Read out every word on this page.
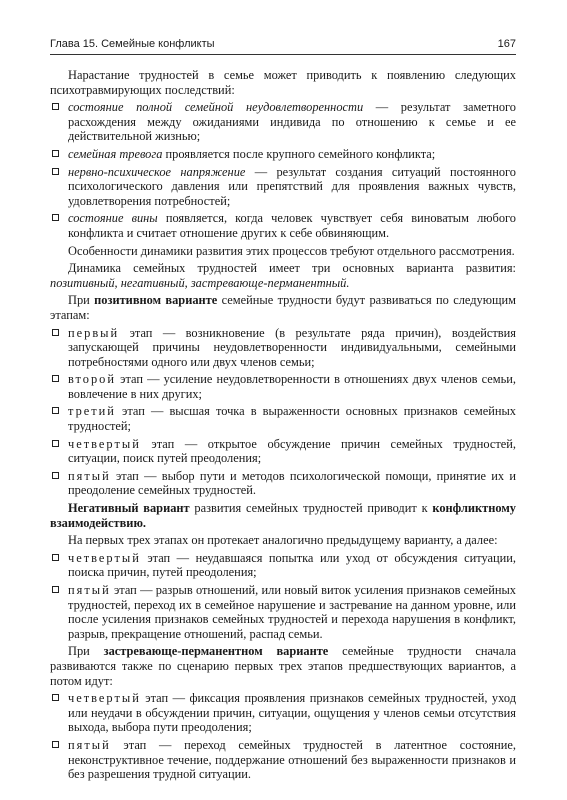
Глава 15. Семейные конфликты	167

Нарастание трудностей в семье может приводить к появлению следующих психотравмирующих последствий:

состояние полной семейной неудовлетворенности — результат заметного расхождения между ожиданиями индивида по отношению к семье и ее действительной жизнью;
семейная тревога проявляется после крупного семейного конфликта;
нервно-психическое напряжение — результат создания ситуаций постоянного психологического давления или препятствий для проявления важных чувств, удовлетворения потребностей;
состояние вины появляется, когда человек чувствует себя виноватым любого конфликта и считает отношение других к себе обвиняющим.

Особенности динамики развития этих процессов требуют отдельного рассмотрения.

Динамика семейных трудностей имеет три основных варианта развития: позитивный, негативный, застревающе-перманентный.

При позитивном варианте семейные трудности будут развиваться по следующим этапам:

первый этап — возникновение (в результате ряда причин), воздействия запускающей причины неудовлетворенности индивидуальными, семейными потребностями одного или двух членов семьи;
второй этап — усиление неудовлетворенности в отношениях двух членов семьи, вовлечение в них других;
третий этап — высшая точка в выраженности основных признаков семейных трудностей;
четвертый этап — открытое обсуждение причин семейных трудностей, ситуации, поиск путей преодоления;
пятый этап — выбор пути и методов психологической помощи, принятие их и преодоление семейных трудностей.

Негативный вариант развития семейных трудностей приводит к конфликтному взаимодействию.

На первых трех этапах он протекает аналогично предыдущему варианту, а далее:

четвертый этап — неудавшаяся попытка или уход от обсуждения ситуации, поиска причин, путей преодоления;
пятый этап — разрыв отношений, или новый виток усиления признаков семейных трудностей, переход их в семейное нарушение и застревание на данном уровне, или после усиления признаков семейных трудностей и перехода нарушения в конфликт, разрыв, прекращение отношений, распад семьи.

При застревающе-перманентном варианте семейные трудности сначала развиваются также по сценарию первых трех этапов предшествующих вариантов, а потом идут:

четвертый этап — фиксация проявления признаков семейных трудностей, уход или неудачи в обсуждении причин, ситуации, ощущения у членов семьи отсутствия выхода, выбора пути преодоления;
пятый этап — переход семейных трудностей в латентное состояние, неконструктивное течение, поддержание отношений без выраженности признаков и без разрешения трудной ситуации.
